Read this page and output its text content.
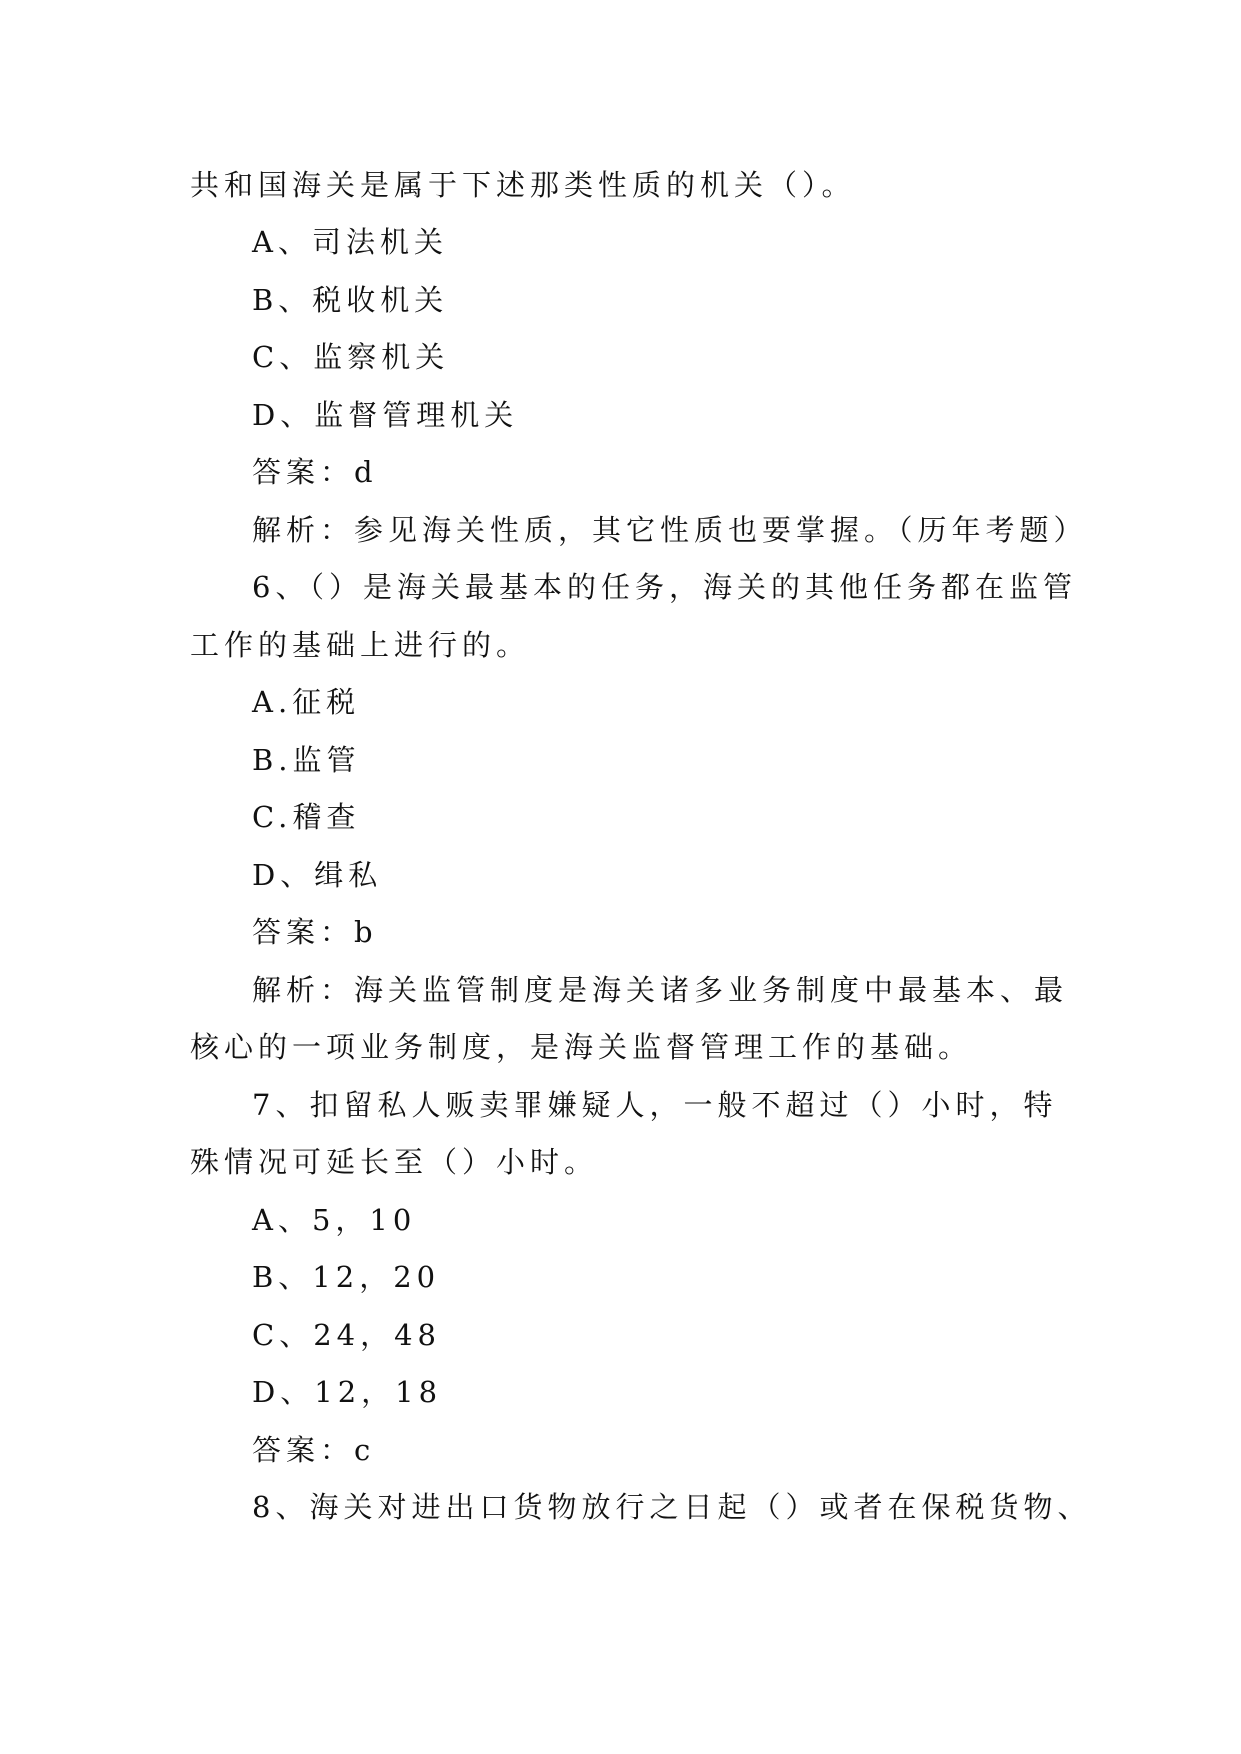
共和国海关是属于下述那类性质的机关（）。
A、司法机关
B、税收机关
C、监察机关
D、监督管理机关
答案：d
解析：参见海关性质，其它性质也要掌握。（历年考题）
6、（）是海关最基本的任务，海关的其他任务都在监管
工作的基础上进行的。
A.征税
B.监管
C.稽查
D、缉私
答案：b
解析：海关监管制度是海关诸多业务制度中最基本、最
核心的一项业务制度，是海关监督管理工作的基础。
7、扣留私人贩卖罪嫌疑人，一般不超过（）小时，特
殊情况可延长至（）小时。
A、5，10
B、12，20
C、24，48
D、12，18
答案：c
8、海关对进出口货物放行之日起（）或者在保税货物、
